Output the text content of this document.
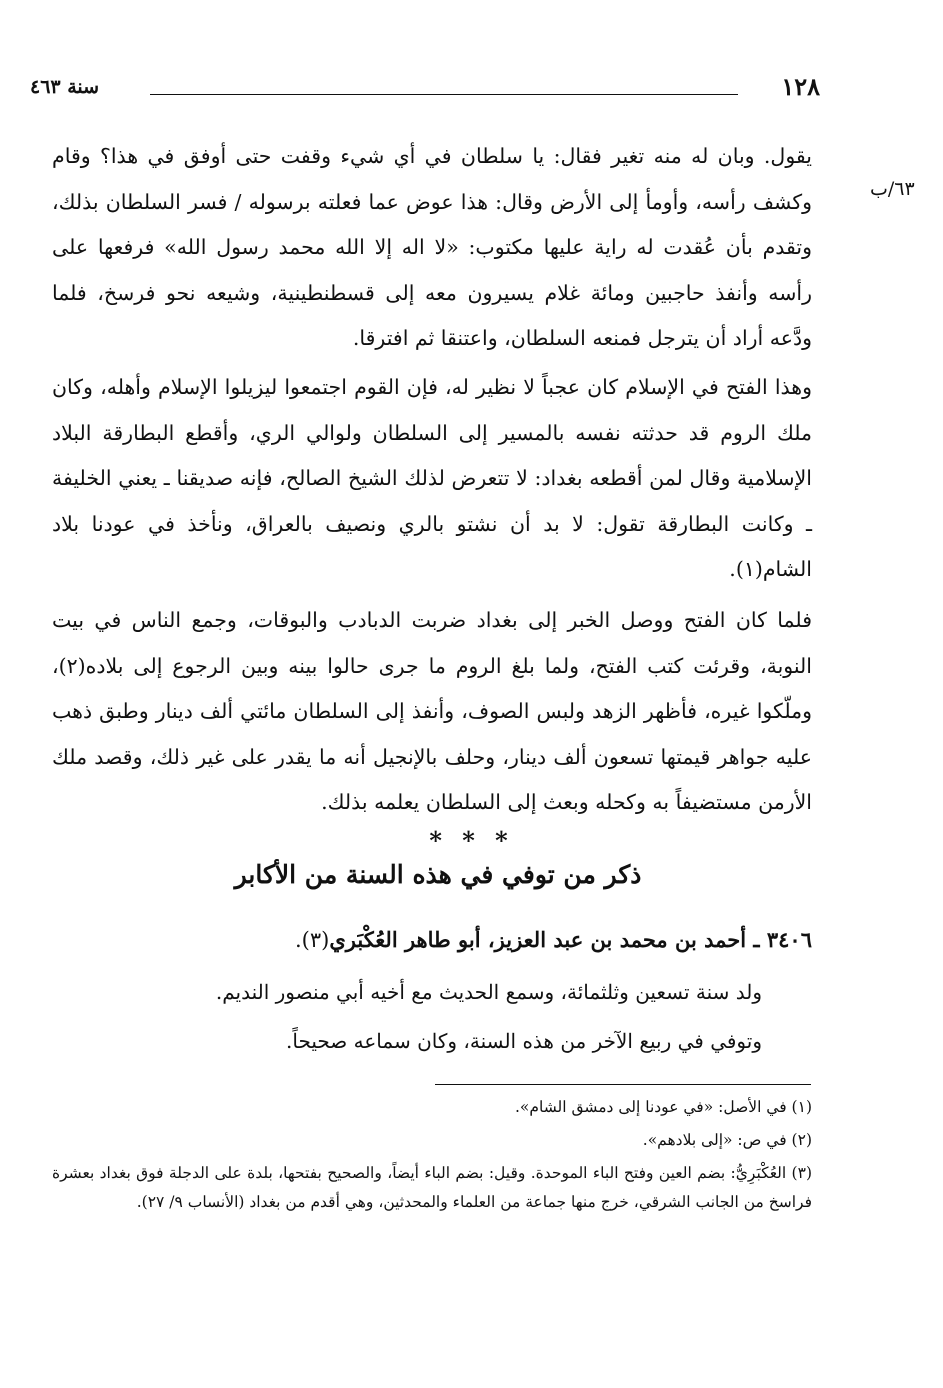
١٢٨
سنة ٤٦٣
٦٣/ب

يقول. وبان له منه تغير فقال: يا سلطان في أي شيء وقفت حتى أوفق في هذا؟ وقام وكشف رأسه، وأومأ إلى الأرض وقال: هذا عوض عما فعلته برسوله / فسر السلطان بذلك، وتقدم بأن عُقدت له راية عليها مكتوب: «لا اله إلا الله محمد رسول الله» فرفعها على رأسه وأنفذ حاجبين ومائة غلام يسيرون معه إلى قسطنطينية، وشيعه نحو فرسخ، فلما ودَّعه أراد أن يترجل فمنعه السلطان، واعتنقا ثم افترقا.

وهذا الفتح في الإسلام كان عجباً لا نظير له، فإن القوم اجتمعوا ليزيلوا الإسلام وأهله، وكان ملك الروم قد حدثته نفسه بالمسير إلى السلطان ولوالي الري، وأقطع البطارقة البلاد الإسلامية وقال لمن أقطعه بغداد: لا تتعرض لذلك الشيخ الصالح، فإنه صديقنا ـ يعني الخليفة ـ وكانت البطارقة تقول: لا بد أن نشتو بالري ونصيف بالعراق، ونأخذ في عودنا بلاد الشام(١).

فلما كان الفتح ووصل الخبر إلى بغداد ضربت الدبادب والبوقات، وجمع الناس في بيت النوبة، وقرئت كتب الفتح، ولما بلغ الروم ما جرى حالوا بينه وبين الرجوع إلى بلاده(٢)، وملّكوا غيره، فأظهر الزهد ولبس الصوف، وأنفذ إلى السلطان مائتي ألف دينار وطبق ذهب عليه جواهر قيمتها تسعون ألف دينار، وحلف بالإنجيل أنه ما يقدر على غير ذلك، وقصد ملك الأرمن مستضيفاً به وكحله وبعث إلى السلطان يعلمه بذلك.

* * *
ذكر من توفي في هذه السنة من الأكابر
٣٤٠٦ ـ أحمد بن محمد بن عبد العزيز، أبو طاهر العُكْبَري(٣).
ولد سنة تسعين وثلثمائة، وسمع الحديث مع أخيه أبي منصور النديم.
وتوفي في ربيع الآخر من هذه السنة، وكان سماعه صحيحاً.

(١) في الأصل: «في عودنا إلى دمشق الشام».

(٢) في ص: «إلى بلادهم».

(٣) العُكْبَرِيُّ: بضم العين وفتح الباء الموحدة. وقيل: بضم الباء أيضاً، والصحيح بفتحها، بلدة على الدجلة فوق بغداد بعشرة فراسخ من الجانب الشرقي، خرج منها جماعة من العلماء والمحدثين، وهي أقدم من بغداد (الأنساب ٩/ ٢٧).
